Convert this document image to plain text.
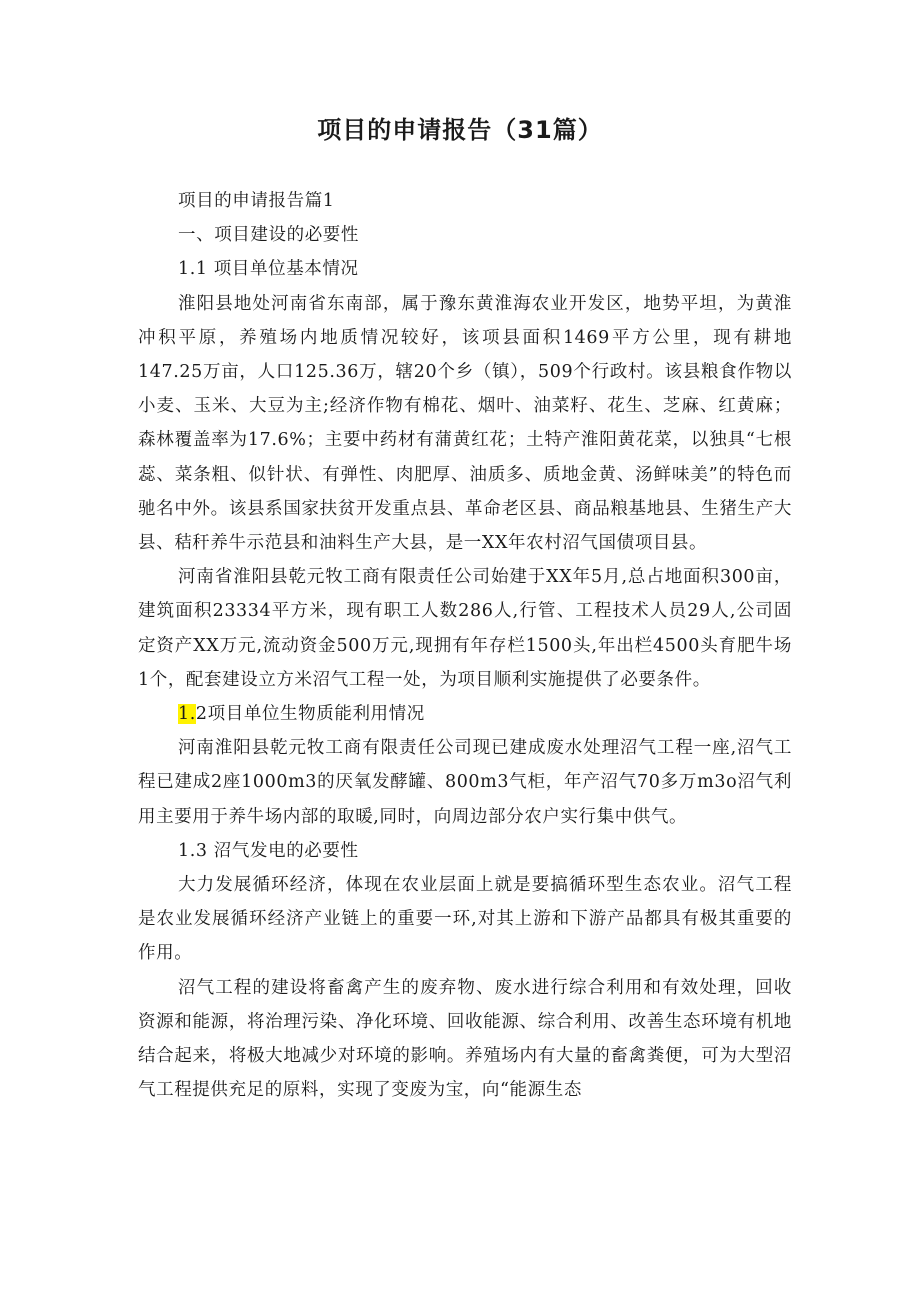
项目的申请报告（31篇）

项目的申请报告篇1

一、项目建设的必要性

1.1 项目单位基本情况

淮阳县地处河南省东南部，属于豫东黄淮海农业开发区，地势平坦，为黄淮冲积平原，养殖场内地质情况较好，该项县面积1469平方公里，现有耕地147.25万亩，人口125.36万，辖20个乡（镇），509个行政村。该县粮食作物以小麦、玉米、大豆为主;经济作物有棉花、烟叶、油菜籽、花生、芝麻、红黄麻；森林覆盖率为17.6%；主要中药材有蒲黄红花；土特产淮阳黄花菜，以独具“七根蕊、菜条粗、似针状、有弹性、肉肥厚、油质多、质地金黄、汤鲜味美”的特色而驰名中外。该县系国家扶贫开发重点县、革命老区县、商品粮基地县、生猪生产大县、秸秆养牛示范县和油料生产大县，是一XX年农村沼气国债项目县。

河南省淮阳县乾元牧工商有限责任公司始建于XX年5月,总占地面积300亩，建筑面积23334平方米，现有职工人数286人,行管、工程技术人员29人,公司固定资产XX万元,流动资金500万元,现拥有年存栏1500头,年出栏4500头育肥牛场1个，配套建设立方米沼气工程一处，为项目顺利实施提供了必要条件。

1.2项目单位生物质能利用情况

河南淮阳县乾元牧工商有限责任公司现已建成废水处理沼气工程一座,沼气工程已建成2座1000m3的厌氧发酵罐、800m3气柜，年产沼气70多万m3o沼气利用主要用于养牛场内部的取暖,同时，向周边部分农户实行集中供气。

1.3 沼气发电的必要性

大力发展循环经济，体现在农业层面上就是要搞循环型生态农业。沼气工程是农业发展循环经济产业链上的重要一环,对其上游和下游产品都具有极其重要的作用。

沼气工程的建设将畜禽产生的废弃物、废水进行综合利用和有效处理，回收资源和能源，将治理污染、净化环境、回收能源、综合利用、改善生态环境有机地结合起来，将极大地减少对环境的影响。养殖场内有大量的畜禽粪便，可为大型沼气工程提供充足的原料，实现了变废为宝，向“能源生态
